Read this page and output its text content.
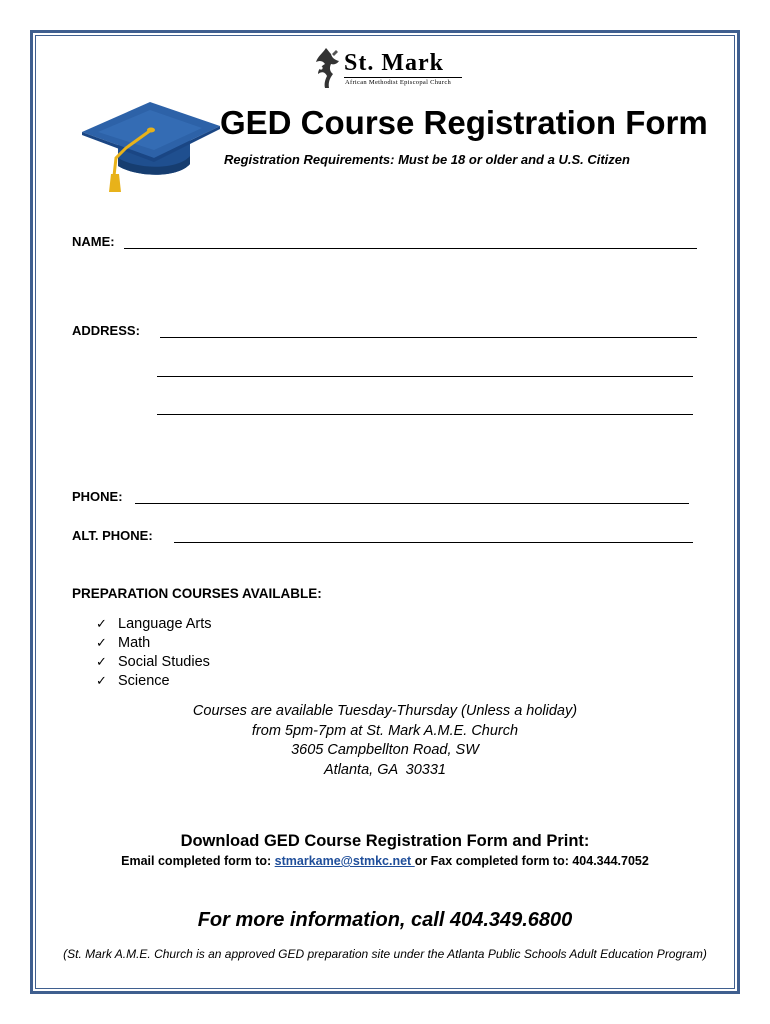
St. Mark
African Methodist Episcopal Church
GED Course Registration Form
Registration Requirements: Must be 18 or older and a U.S. Citizen
NAME:
ADDRESS:
PHONE:
ALT. PHONE:
PREPARATION COURSES AVAILABLE:
✓ Language Arts
✓ Math
✓ Social Studies
✓ Science
Courses are available Tuesday-Thursday (Unless a holiday)
from 5pm-7pm at St. Mark A.M.E. Church
3605 Campbellton Road, SW
Atlanta, GA  30331
Download GED Course Registration Form and Print:
Email completed form to: stmarkame@stmkc.net or Fax completed form to: 404.344.7052
For more information, call 404.349.6800
(St. Mark A.M.E. Church is an approved GED preparation site under the Atlanta Public Schools Adult Education Program)
